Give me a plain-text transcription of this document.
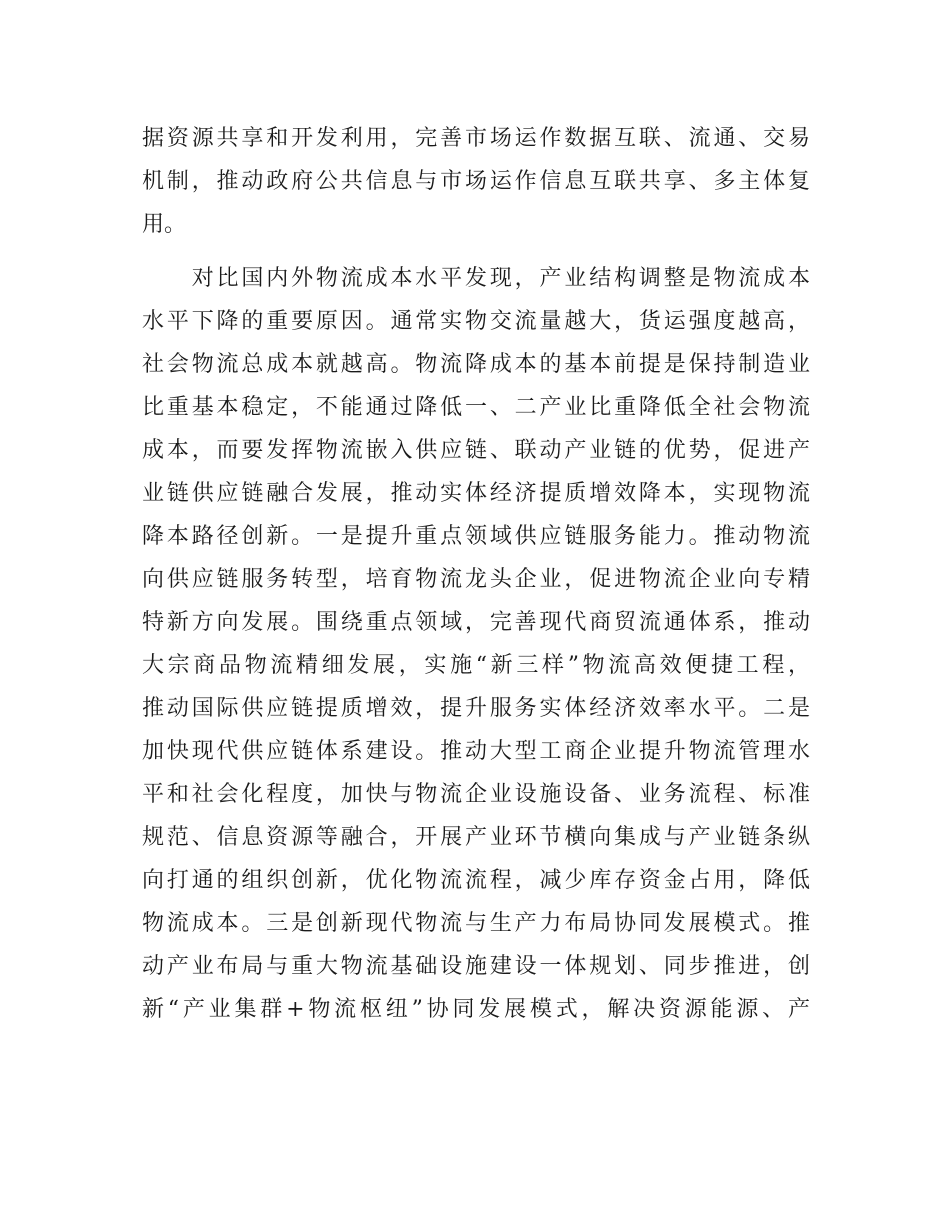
据资源共享和开发利用，完善市场运作数据互联、流通、交易

机制，推动政府公共信息与市场运作信息互联共享、多主体复

用。

　　对比国内外物流成本水平发现，产业结构调整是物流成本

水平下降的重要原因。通常实物交流量越大，货运强度越高，

社会物流总成本就越高。物流降成本的基本前提是保持制造业

比重基本稳定，不能通过降低一、二产业比重降低全社会物流

成本，而要发挥物流嵌入供应链、联动产业链的优势，促进产

业链供应链融合发展，推动实体经济提质增效降本，实现物流

降本路径创新。一是提升重点领域供应链服务能力。推动物流

向供应链服务转型，培育物流龙头企业，促进物流企业向专精

特新方向发展。围绕重点领域，完善现代商贸流通体系，推动

大宗商品物流精细发展，实施“新三样”物流高效便捷工程，

推动国际供应链提质增效，提升服务实体经济效率水平。二是

加快现代供应链体系建设。推动大型工商企业提升物流管理水

平和社会化程度，加快与物流企业设施设备、业务流程、标准

规范、信息资源等融合，开展产业环节横向集成与产业链条纵

向打通的组织创新，优化物流流程，减少库存资金占用，降低

物流成本。三是创新现代物流与生产力布局协同发展模式。推

动产业布局与重大物流基础设施建设一体规划、同步推进，创

新“产业集群+物流枢纽”协同发展模式，解决资源能源、产
